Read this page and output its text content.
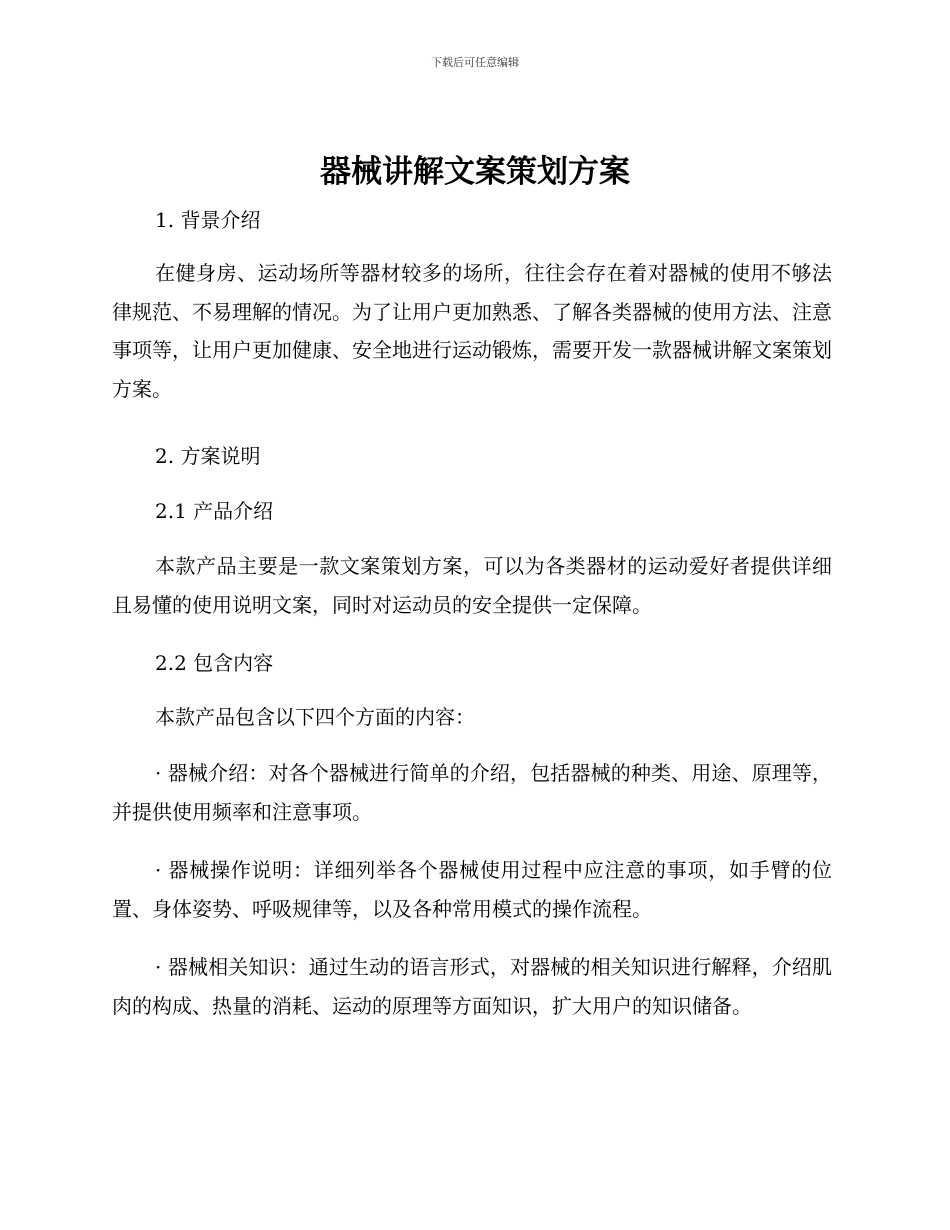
下载后可任意编辑
器械讲解文案策划方案
1. 背景介绍

在健身房、运动场所等器材较多的场所，往往会存在着对器械的使用不够法律规范、不易理解的情况。为了让用户更加熟悉、了解各类器械的使用方法、注意事项等，让用户更加健康、安全地进行运动锻炼，需要开发一款器械讲解文案策划方案。

2. 方案说明
2.1 产品介绍

本款产品主要是一款文案策划方案，可以为各类器材的运动爱好者提供详细且易懂的使用说明文案，同时对运动员的安全提供一定保障。

2.2 包含内容

本款产品包含以下四个方面的内容：

· 器械介绍：对各个器械进行简单的介绍，包括器械的种类、用途、原理等，并提供使用频率和注意事项。

· 器械操作说明：详细列举各个器械使用过程中应注意的事项，如手臂的位置、身体姿势、呼吸规律等，以及各种常用模式的操作流程。

· 器械相关知识：通过生动的语言形式，对器械的相关知识进行解释，介绍肌肉的构成、热量的消耗、运动的原理等方面知识，扩大用户的知识储备。
